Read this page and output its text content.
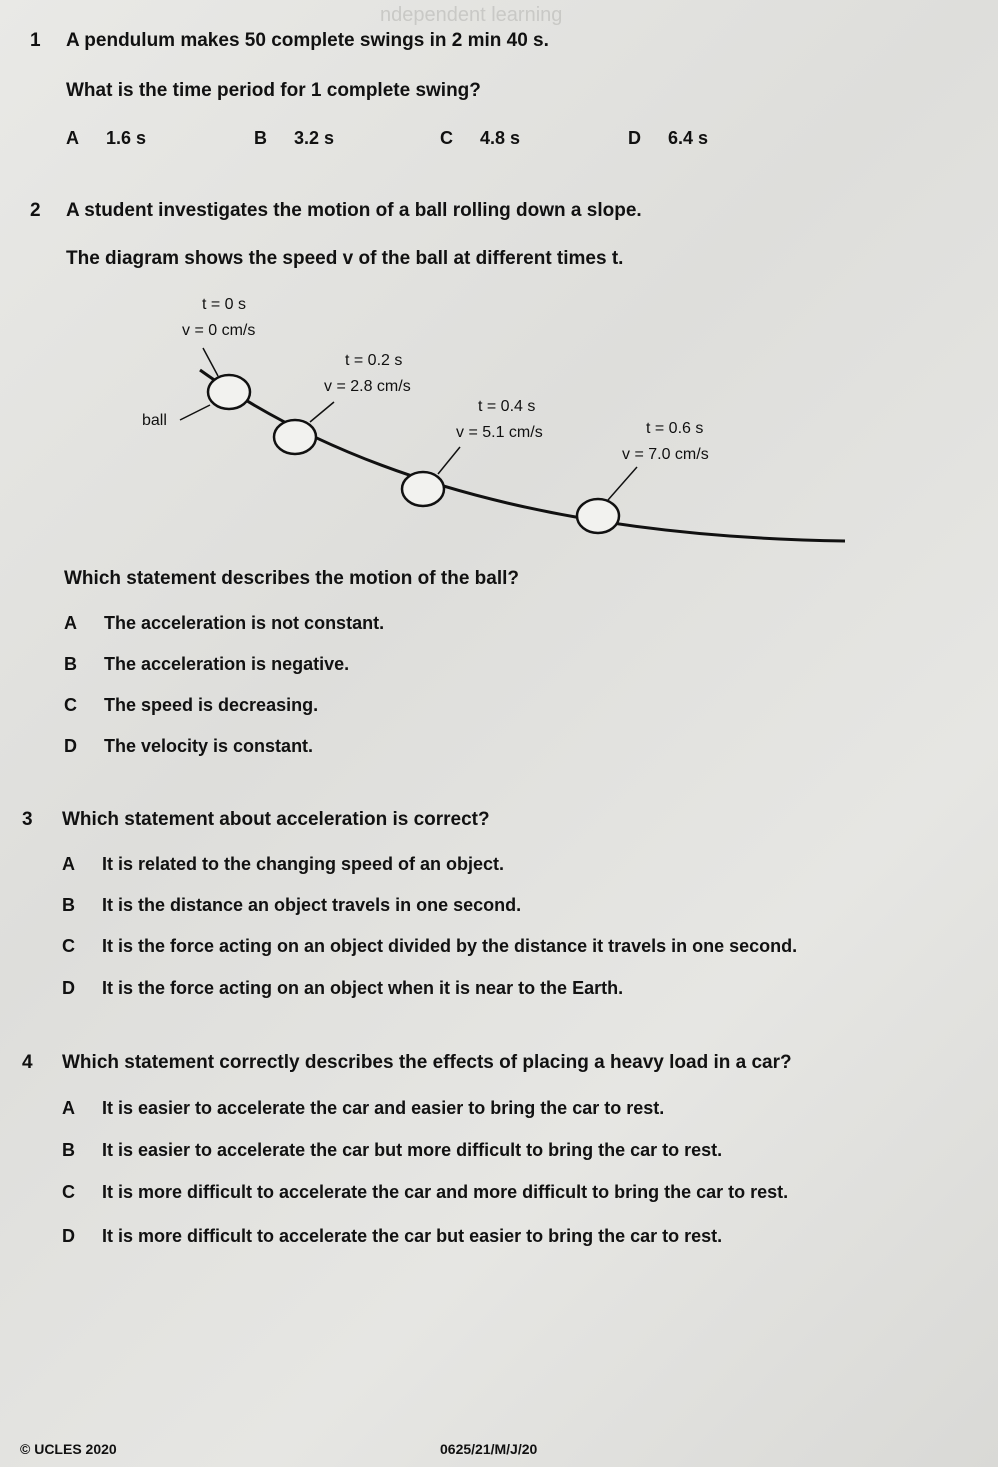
ndependent learning
1 A pendulum makes 50 complete swings in 2 min 40 s.
What is the time period for 1 complete swing?
A 1.6 s	B 3.2 s	C 4.8 s	D 6.4 s
2 A student investigates the motion of a ball rolling down a slope.
The diagram shows the speed v of the ball at different times t.
ball
t = 0 s
v = 0 cm/s
t = 0.2 s
v = 2.8 cm/s
t = 0.4 s
v = 5.1 cm/s	t = 0.6 s
v = 7.0 cm/s
Which statement describes the motion of the ball?
A The acceleration is not constant.
B The acceleration is negative.
C The speed is decreasing.
D The velocity is constant.
3 Which statement about acceleration is correct?
A It is related to the changing speed of an object.
B It is the distance an object travels in one second.
C It is the force acting on an object divided by the distance it travels in one second.
D It is the force acting on an object when it is near to the Earth.
4 Which statement correctly describes the effects of placing a heavy load in a car?
A It is easier to accelerate the car and easier to bring the car to rest.
B It is easier to accelerate the car but more difficult to bring the car to rest.
C It is more difficult to accelerate the car and more difficult to bring the car to rest.
D It is more difficult to accelerate the car but easier to bring the car to rest.
© UCLES 2020	0625/21/M/J/20
